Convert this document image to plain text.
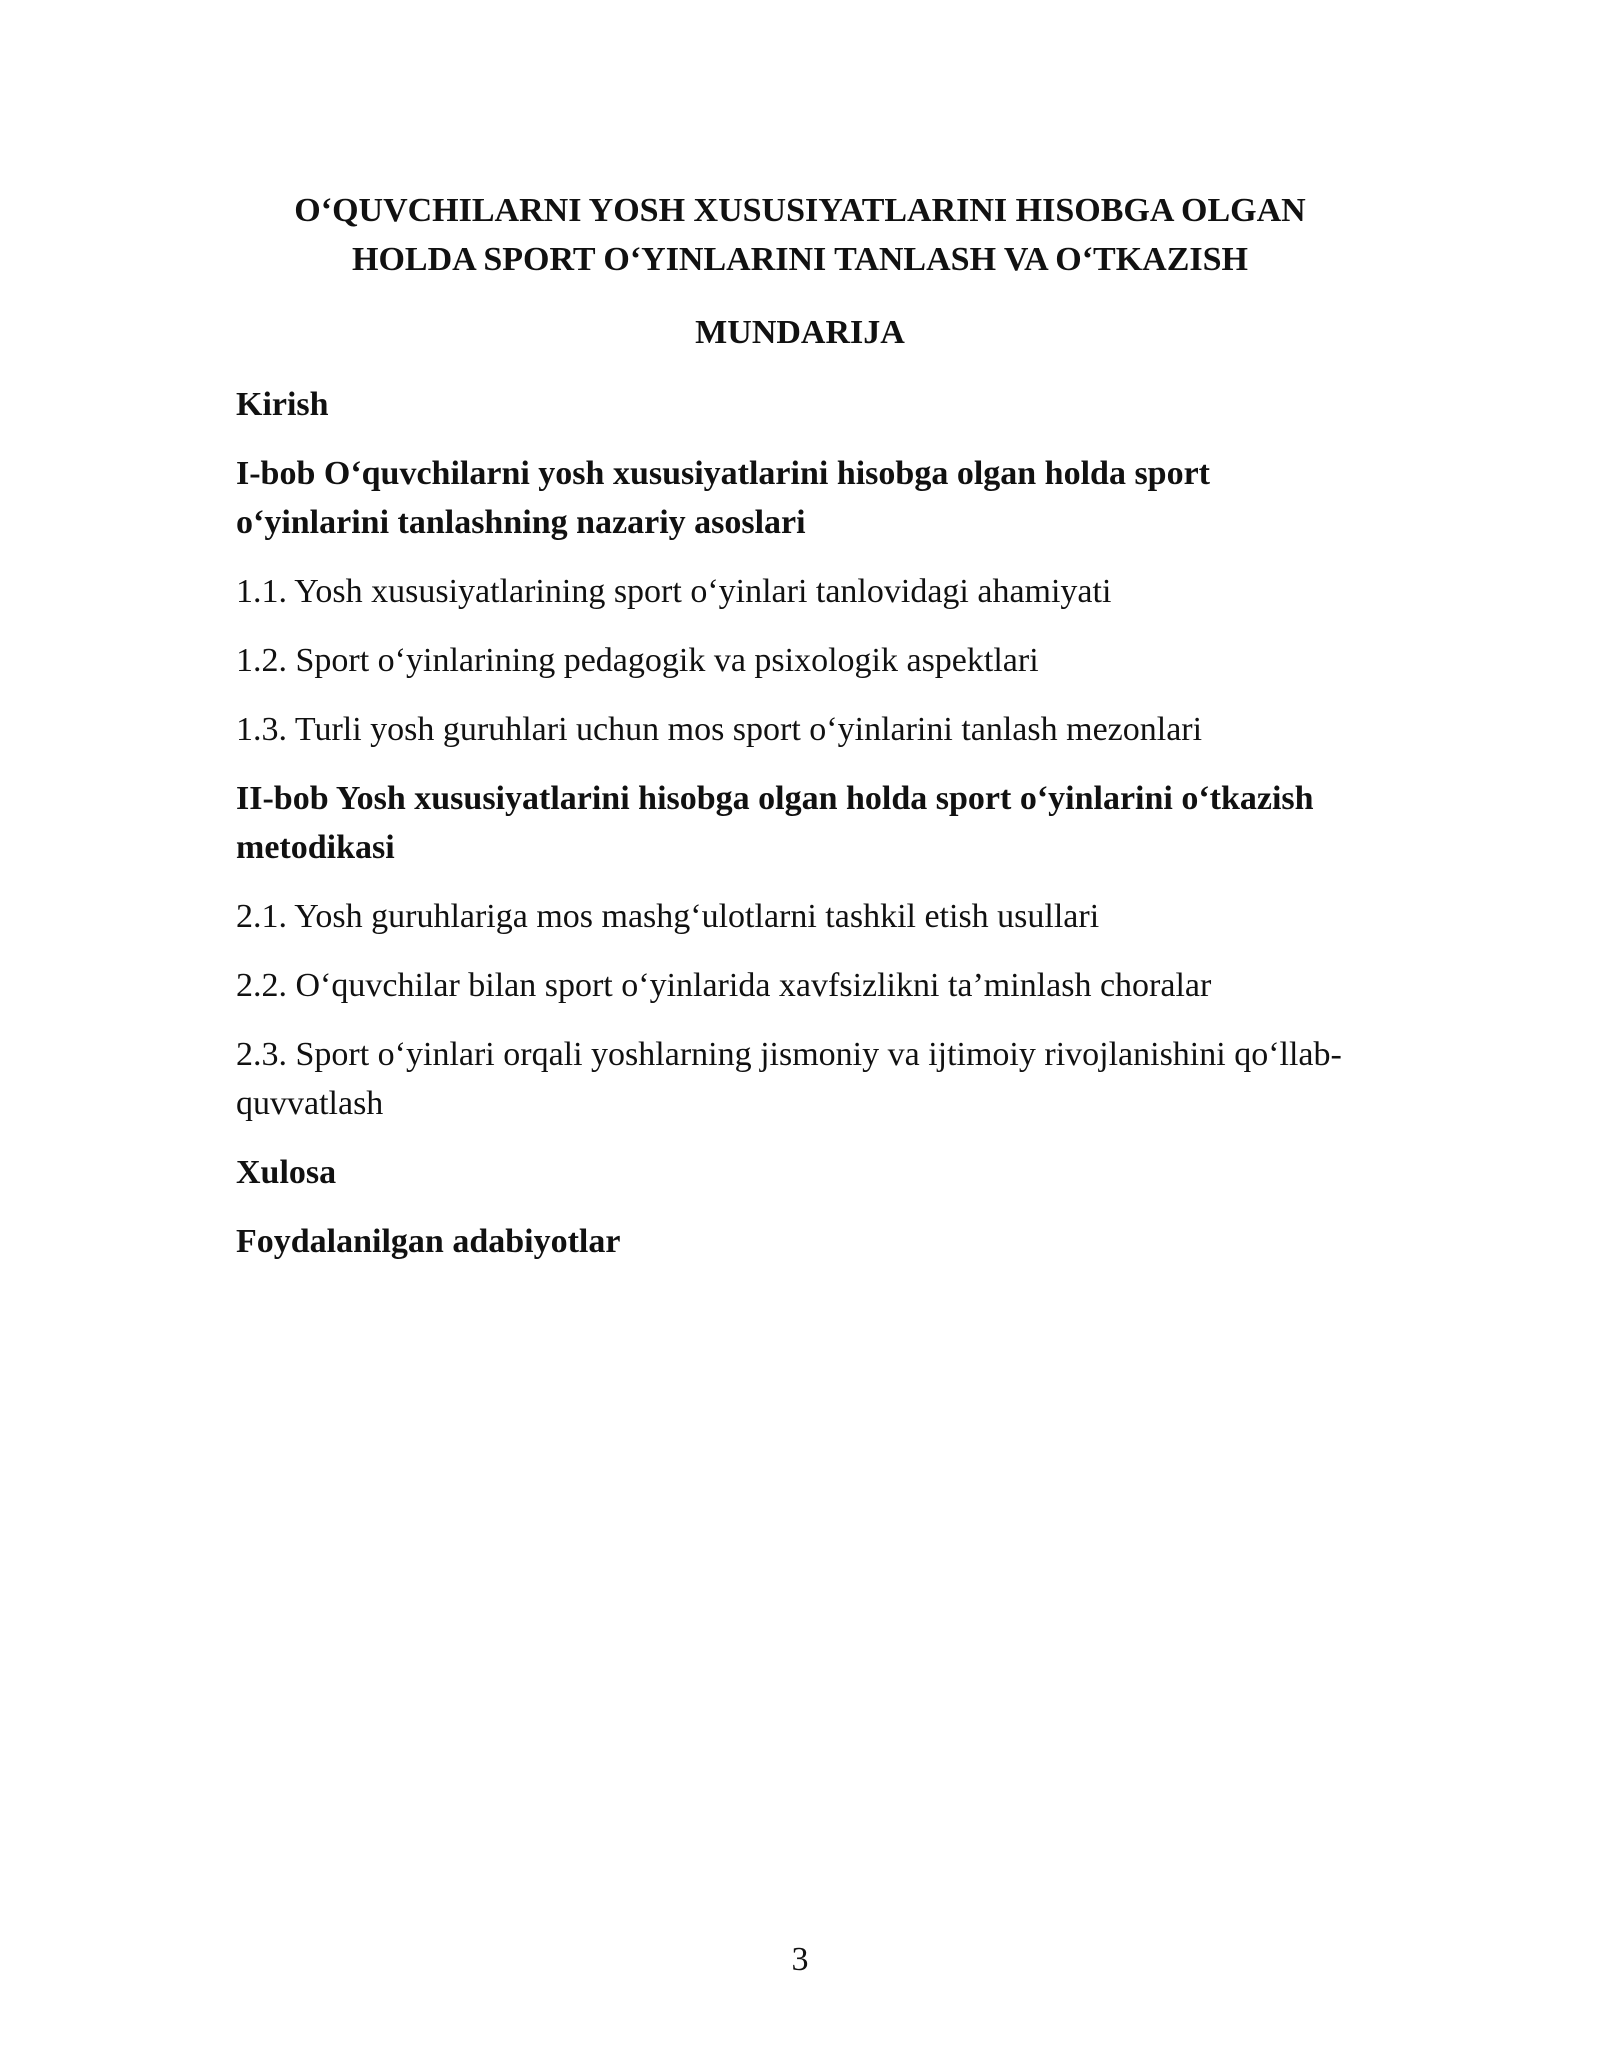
O‘QUVCHILARNI YOSH XUSUSIYATLARINI HISOBGA OLGAN
HOLDA SPORT O‘YINLARINI TANLASH VA O‘TKAZISH
MUNDARIJA
Kirish
I-bob O‘quvchilarni yosh xususiyatlarini hisobga olgan holda sport o‘yinlarini tanlashning nazariy asoslari
1.1. Yosh xususiyatlarining sport o‘yinlari tanlovidagi ahamiyati
1.2. Sport o‘yinlarining pedagogik va psixologik aspektlari
1.3. Turli yosh guruhlari uchun mos sport o‘yinlarini tanlash mezonlari
II-bob Yosh xususiyatlarini hisobga olgan holda sport o‘yinlarini o‘tkazish metodikasi
2.1. Yosh guruhlariga mos mashg‘ulotlarni tashkil etish usullari
2.2. O‘quvchilar bilan sport o‘yinlarida xavfsizlikni ta’minlash choralar
2.3. Sport o‘yinlari orqali yoshlarning jismoniy va ijtimoiy rivojlanishini qo‘llab-quvvatlash
Xulosa
Foydalanilgan adabiyotlar
3
